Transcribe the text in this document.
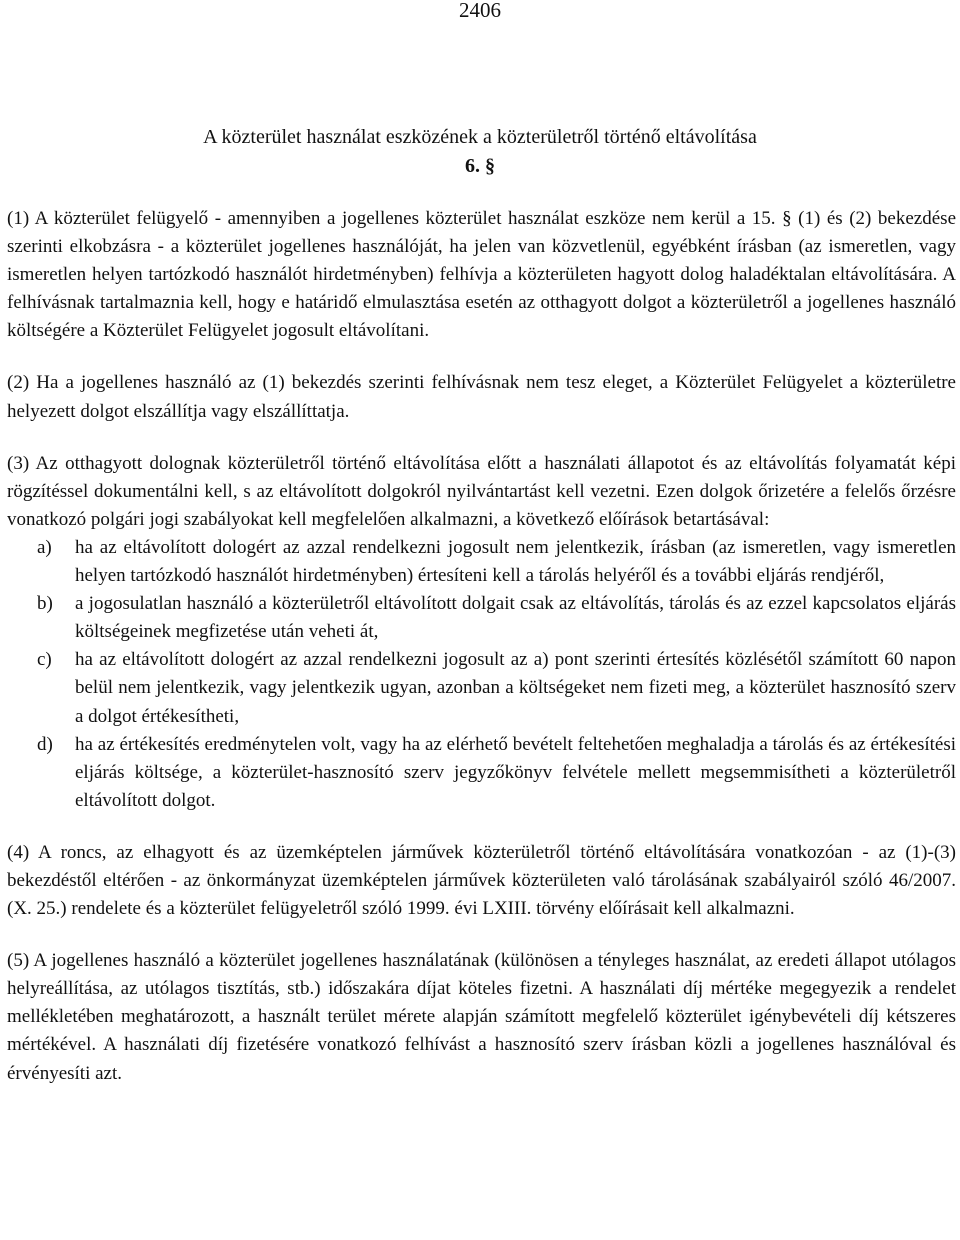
2406
A közterület használat eszközének a közterületről történő eltávolítása
6. §

(1) A közterület felügyelő - amennyiben a jogellenes közterület használat eszköze nem kerül a 15. § (1) és (2) bekezdése szerinti elkobzásra - a közterület jogellenes használóját, ha jelen van közvetlenül, egyébként írásban (az ismeretlen, vagy ismeretlen helyen tartózkodó használót hirdetményben) felhívja a közterületen hagyott dolog haladéktalan eltávolítására. A felhívásnak tartalmaznia kell, hogy e határidő elmulasztása esetén az otthagyott dolgot a közterületről a jogellenes használó költségére a Közterület Felügyelet jogosult eltávolítani.

(2) Ha a jogellenes használó az (1) bekezdés szerinti felhívásnak nem tesz eleget, a Közterület Felügyelet a közterületre helyezett dolgot elszállítja vagy elszállíttatja.

(3) Az otthagyott dolognak közterületről történő eltávolítása előtt a használati állapotot és az eltávolítás folyamatát képi rögzítéssel dokumentálni kell, s az eltávolított dolgokról nyilvántartást kell vezetni. Ezen dolgok őrizetére a felelős őrzésre vonatkozó polgári jogi szabályokat kell megfelelően alkalmazni, a következő előírások betartásával:

a)	ha az eltávolított dologért az azzal rendelkezni jogosult nem jelentkezik, írásban (az ismeretlen, vagy ismeretlen helyen tartózkodó használót hirdetményben) értesíteni kell a tárolás helyéről és a további eljárás rendjéről,
b)	a jogosulatlan használó a közterületről eltávolított dolgait csak az eltávolítás, tárolás és az ezzel kapcsolatos eljárás költségeinek megfizetése után veheti át,
c)	ha az eltávolított dologért az azzal rendelkezni jogosult az a) pont szerinti értesítés közlésétől számított 60 napon belül nem jelentkezik, vagy jelentkezik ugyan, azonban a költségeket nem fizeti meg, a közterület hasznosító szerv a dolgot értékesítheti,
d)	ha az értékesítés eredménytelen volt, vagy ha az elérhető bevételt feltehetően meghaladja a tárolás és az értékesítési eljárás költsége, a közterület-hasznosító szerv jegyzőkönyv felvétele mellett megsemmisítheti a közterületről eltávolított dolgot.

(4) A roncs, az elhagyott és az üzemképtelen járművek közterületről történő eltávolítására vonatkozóan - az (1)-(3) bekezdéstől eltérően - az önkormányzat üzemképtelen járművek közterületen való tárolásának szabályairól szóló 46/2007. (X. 25.) rendelete és a közterület felügyeletről szóló 1999. évi LXIII. törvény előírásait kell alkalmazni.

(5) A jogellenes használó a közterület jogellenes használatának (különösen a tényleges használat, az eredeti állapot utólagos helyreállítása, az utólagos tisztítás, stb.) időszakára díjat köteles fizetni. A használati díj mértéke megegyezik a rendelet mellékletében meghatározott, a használt terület mérete alapján számított megfelelő közterület igénybevételi díj kétszeres mértékével. A használati díj fizetésére vonatkozó felhívást a hasznosító szerv írásban közli a jogellenes használóval és érvényesíti azt.
